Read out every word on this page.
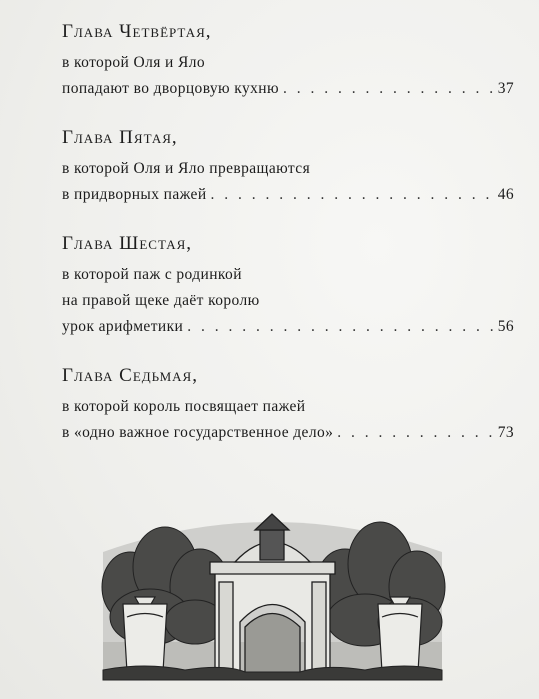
Глава Четвёртая,
в которой Оля и Яло
попадают во дворцовую кухню . . .	37
Глава Пятая,
в которой Оля и Яло превращаются
в придворных пажей . . .	46
Глава Шестая,
в которой паж с родинкой
на правой щеке даёт королю
урок арифметики . . .	56
Глава Седьмая,
в которой король посвящает пажей
в «одно важное государственное дело» . . .	73
